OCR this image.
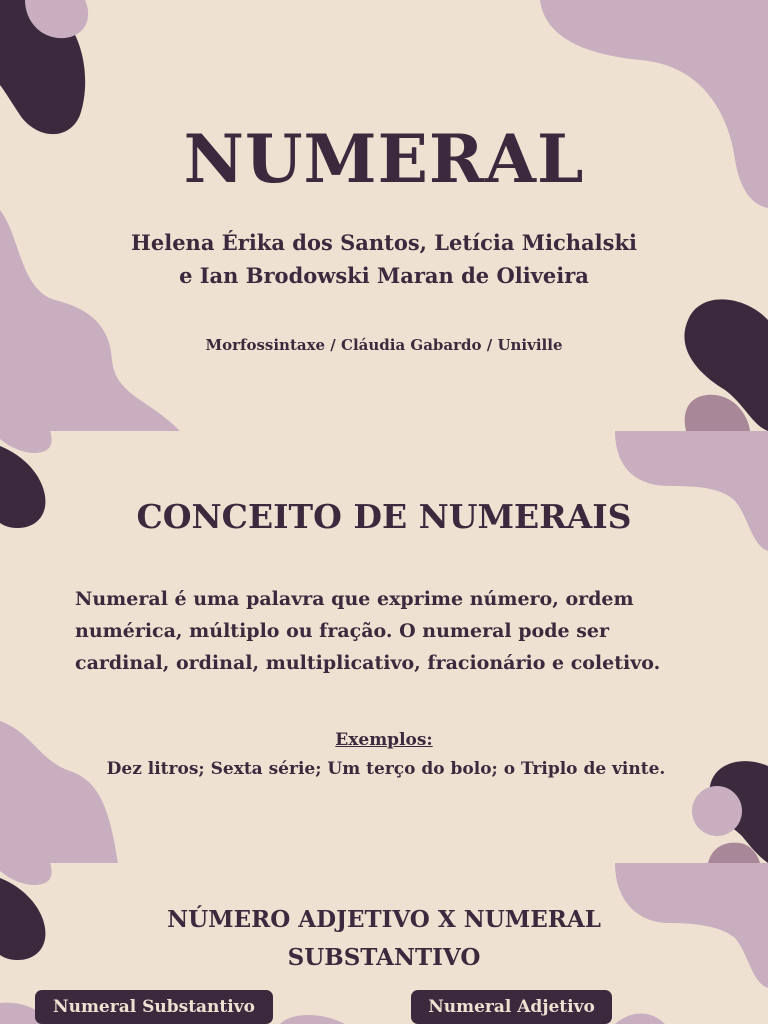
NUMERAL
Helena Érika dos Santos, Letícia Michalski
e Ian Brodowski Maran de Oliveira
Morfossintaxe / Cláudia Gabardo / Univille
CONCEITO DE NUMERAIS
Numeral é uma palavra que exprime número, ordem
numérica, múltiplo ou fração. O numeral pode ser
cardinal, ordinal, multiplicativo, fracionário e coletivo.
Exemplos:
Dez litros; Sexta série; Um terço do bolo; o Triplo de vinte.
NÚMERO ADJETIVO X NUMERAL
SUBSTANTIVO
Numeral Substantivo	Numeral Adjetivo
